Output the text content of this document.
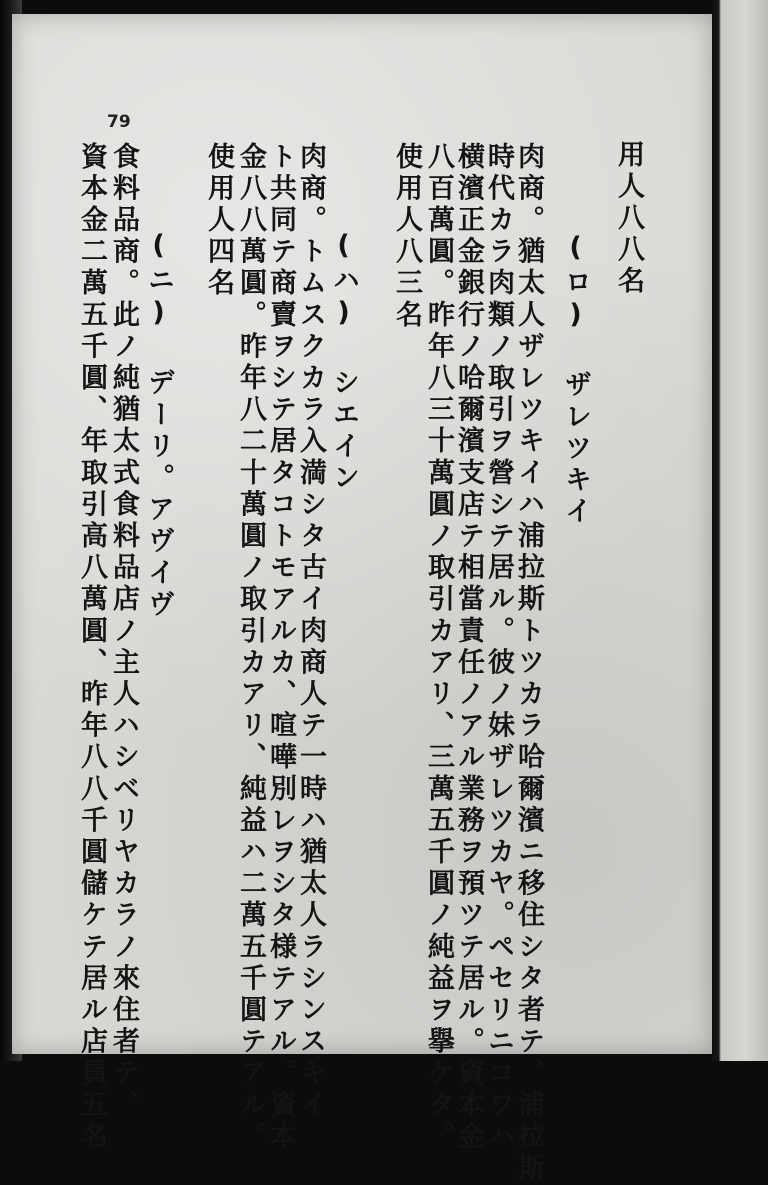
79

用人八八名

(ロ) ザレツキイ

肉商。猶太人ザレツキイハ浦拉斯トツカラ哈爾濱ニ移住シタ者テ、浦拉斯

時代カラ肉類ノ取引ヲ營シテ居ル。彼ノ妹ザレツカヤ。ペセリニコワハ

横濱正金銀行ノ哈爾濱支店テ相當責任ノアル業務ヲ預ツテ居ル。資本金

八百萬圓。昨年八三十萬圓ノ取引カアリ、三萬五千圓ノ純益ヲ擧ケタ。

使用人八三名

(ハ) シエイン

肉商。トムスクカラ入満シタ古イ肉商人テ一時ハ猶太人ラシンスキイ

ト共同テ商賣ヲシテ居タコトモアルカ、喧嘩別レヲシタ様テアル。資本

金八八萬圓。昨年八二十萬圓ノ取引カアリ、純益ハ二萬五千圓テアル。

使用人四名

(ニ) デーリ。アヴイヴ

食料品商。此ノ純猶太式食料品店ノ主人ハシベリヤカラノ來住者テ、

資本金二萬五千圓、年取引高八萬圓、昨年八八千圓儲ケテ居ル店員五名
